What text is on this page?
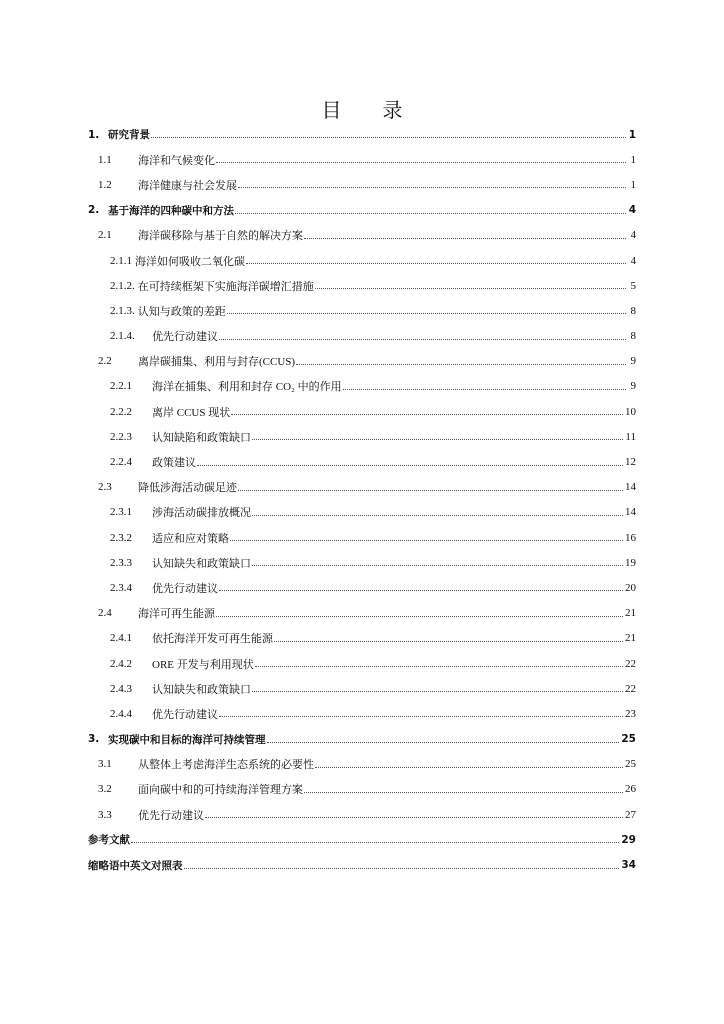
目 录
1. 研究背景	1
1.1	海洋和气候变化	1
1.2	海洋健康与社会发展	1
2. 基于海洋的四种碳中和方法	4
2.1	海洋碳移除与基于自然的解决方案	4
2.1.1 海洋如何吸收二氧化碳	4
2.1.2. 在可持续框架下实施海洋碳增汇措施	5
2.1.3. 认知与政策的差距	8
2.1.4.	优先行动建议	8
2.2	离岸碳捕集、利用与封存(CCUS)	9
2.2.1	海洋在捕集、利用和封存 CO₂ 中的作用	9
2.2.2	离岸 CCUS 现状	10
2.2.3	认知缺陷和政策缺口	11
2.2.4	政策建议	12
2.3	降低涉海活动碳足迹	14
2.3.1	涉海活动碳排放概况	14
2.3.2	适应和应对策略	16
2.3.3	认知缺失和政策缺口	19
2.3.4	优先行动建议	20
2.4	海洋可再生能源	21
2.4.1	依托海洋开发可再生能源	21
2.4.2	ORE 开发与利用现状	22
2.4.3	认知缺失和政策缺口	22
2.4.4	优先行动建议	23
3. 实现碳中和目标的海洋可持续管理	25
3.1	从整体上考虑海洋生态系统的必要性	25
3.2	面向碳中和的可持续海洋管理方案	26
3.3	优先行动建议	27
参考文献	29
缩略语中英文对照表	34
